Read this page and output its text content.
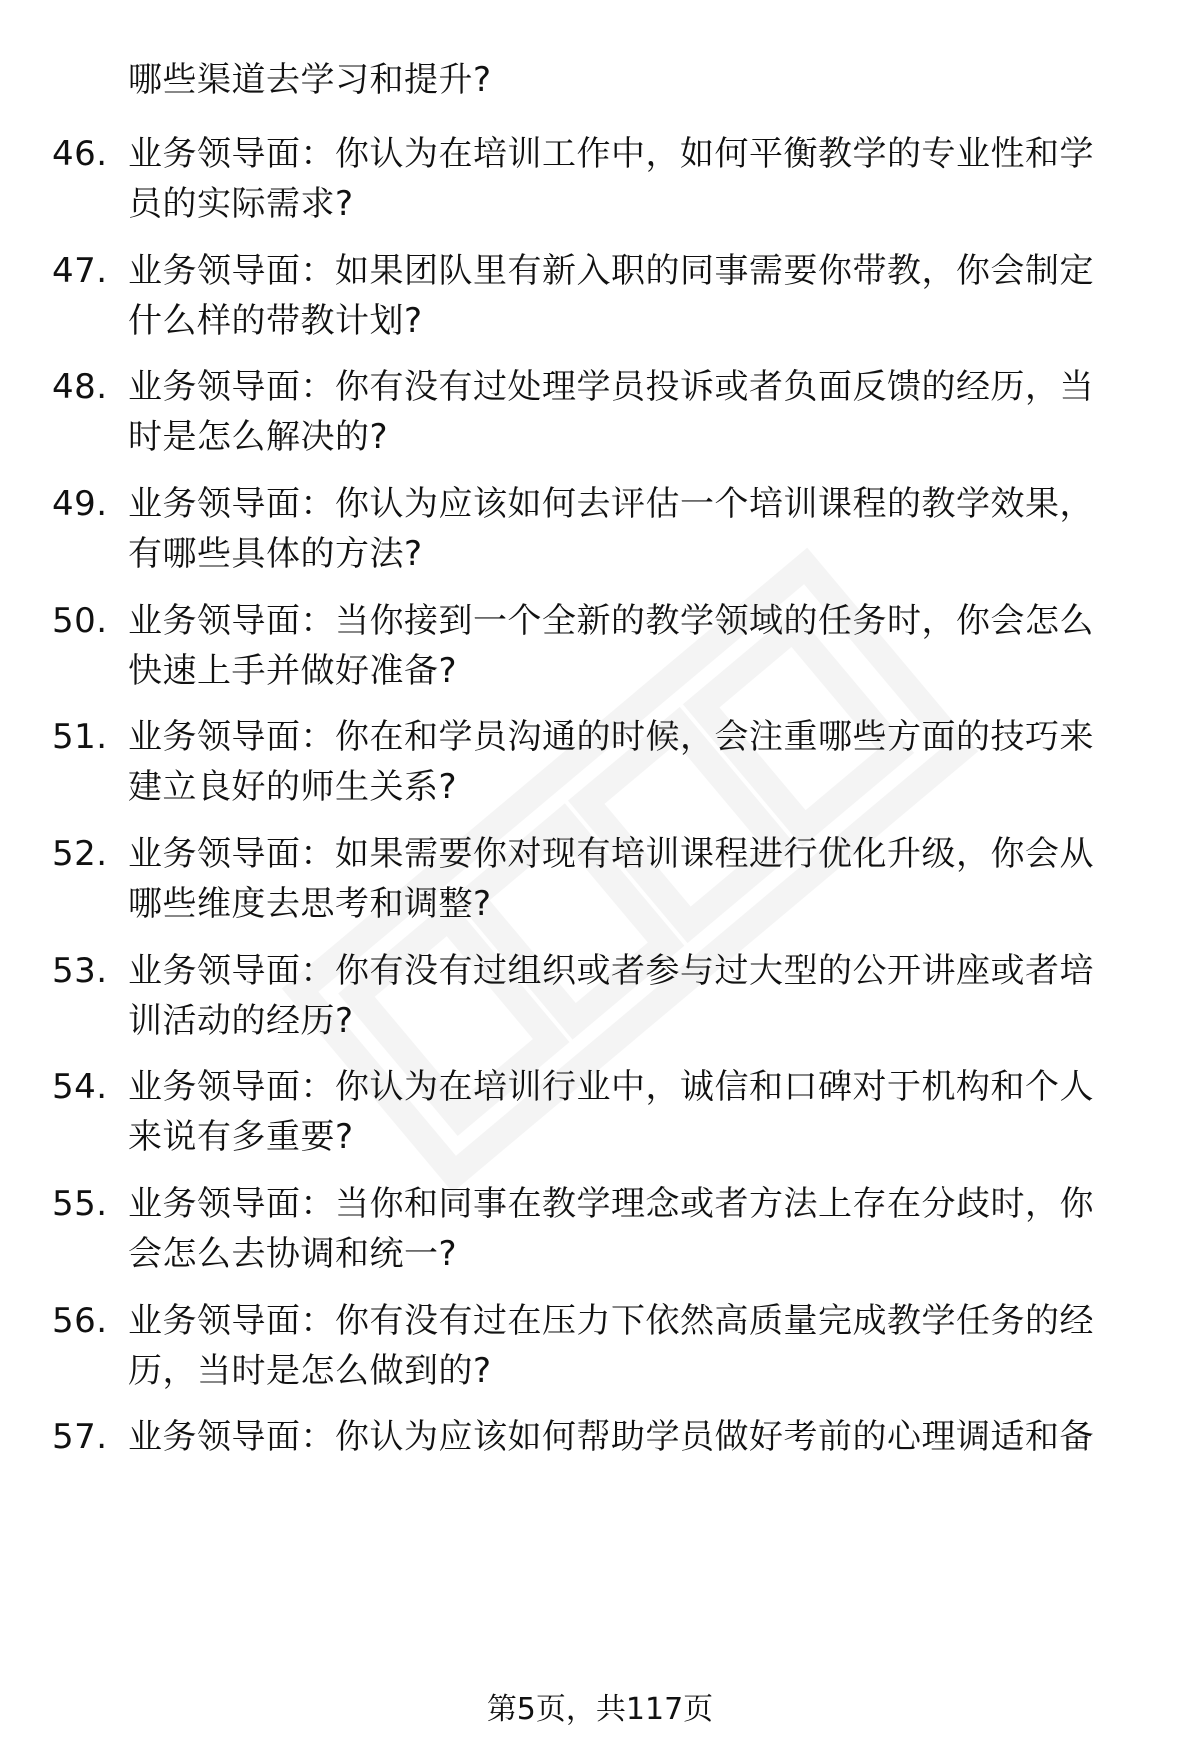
哪些渠道去学习和提升?
46. 业务领导面：你认为在培训工作中，如何平衡教学的专业性和学
员的实际需求?
47. 业务领导面：如果团队里有新入职的同事需要你带教，你会制定
什么样的带教计划?
48. 业务领导面：你有没有过处理学员投诉或者负面反馈的经历，当
时是怎么解决的?
49. 业务领导面：你认为应该如何去评估一个培训课程的教学效果，
有哪些具体的方法?
50. 业务领导面：当你接到一个全新的教学领域的任务时，你会怎么
快速上手并做好准备?
51. 业务领导面：你在和学员沟通的时候，会注重哪些方面的技巧来
建立良好的师生关系?
52. 业务领导面：如果需要你对现有培训课程进行优化升级，你会从
哪些维度去思考和调整?
53. 业务领导面：你有没有过组织或者参与过大型的公开讲座或者培
训活动的经历?
54. 业务领导面：你认为在培训行业中，诚信和口碑对于机构和个人
来说有多重要?
55. 业务领导面：当你和同事在教学理念或者方法上存在分歧时，你
会怎么去协调和统一?
56. 业务领导面：你有没有过在压力下依然高质量完成教学任务的经
历，当时是怎么做到的?
57. 业务领导面：你认为应该如何帮助学员做好考前的心理调适和备
第5页，共117页
